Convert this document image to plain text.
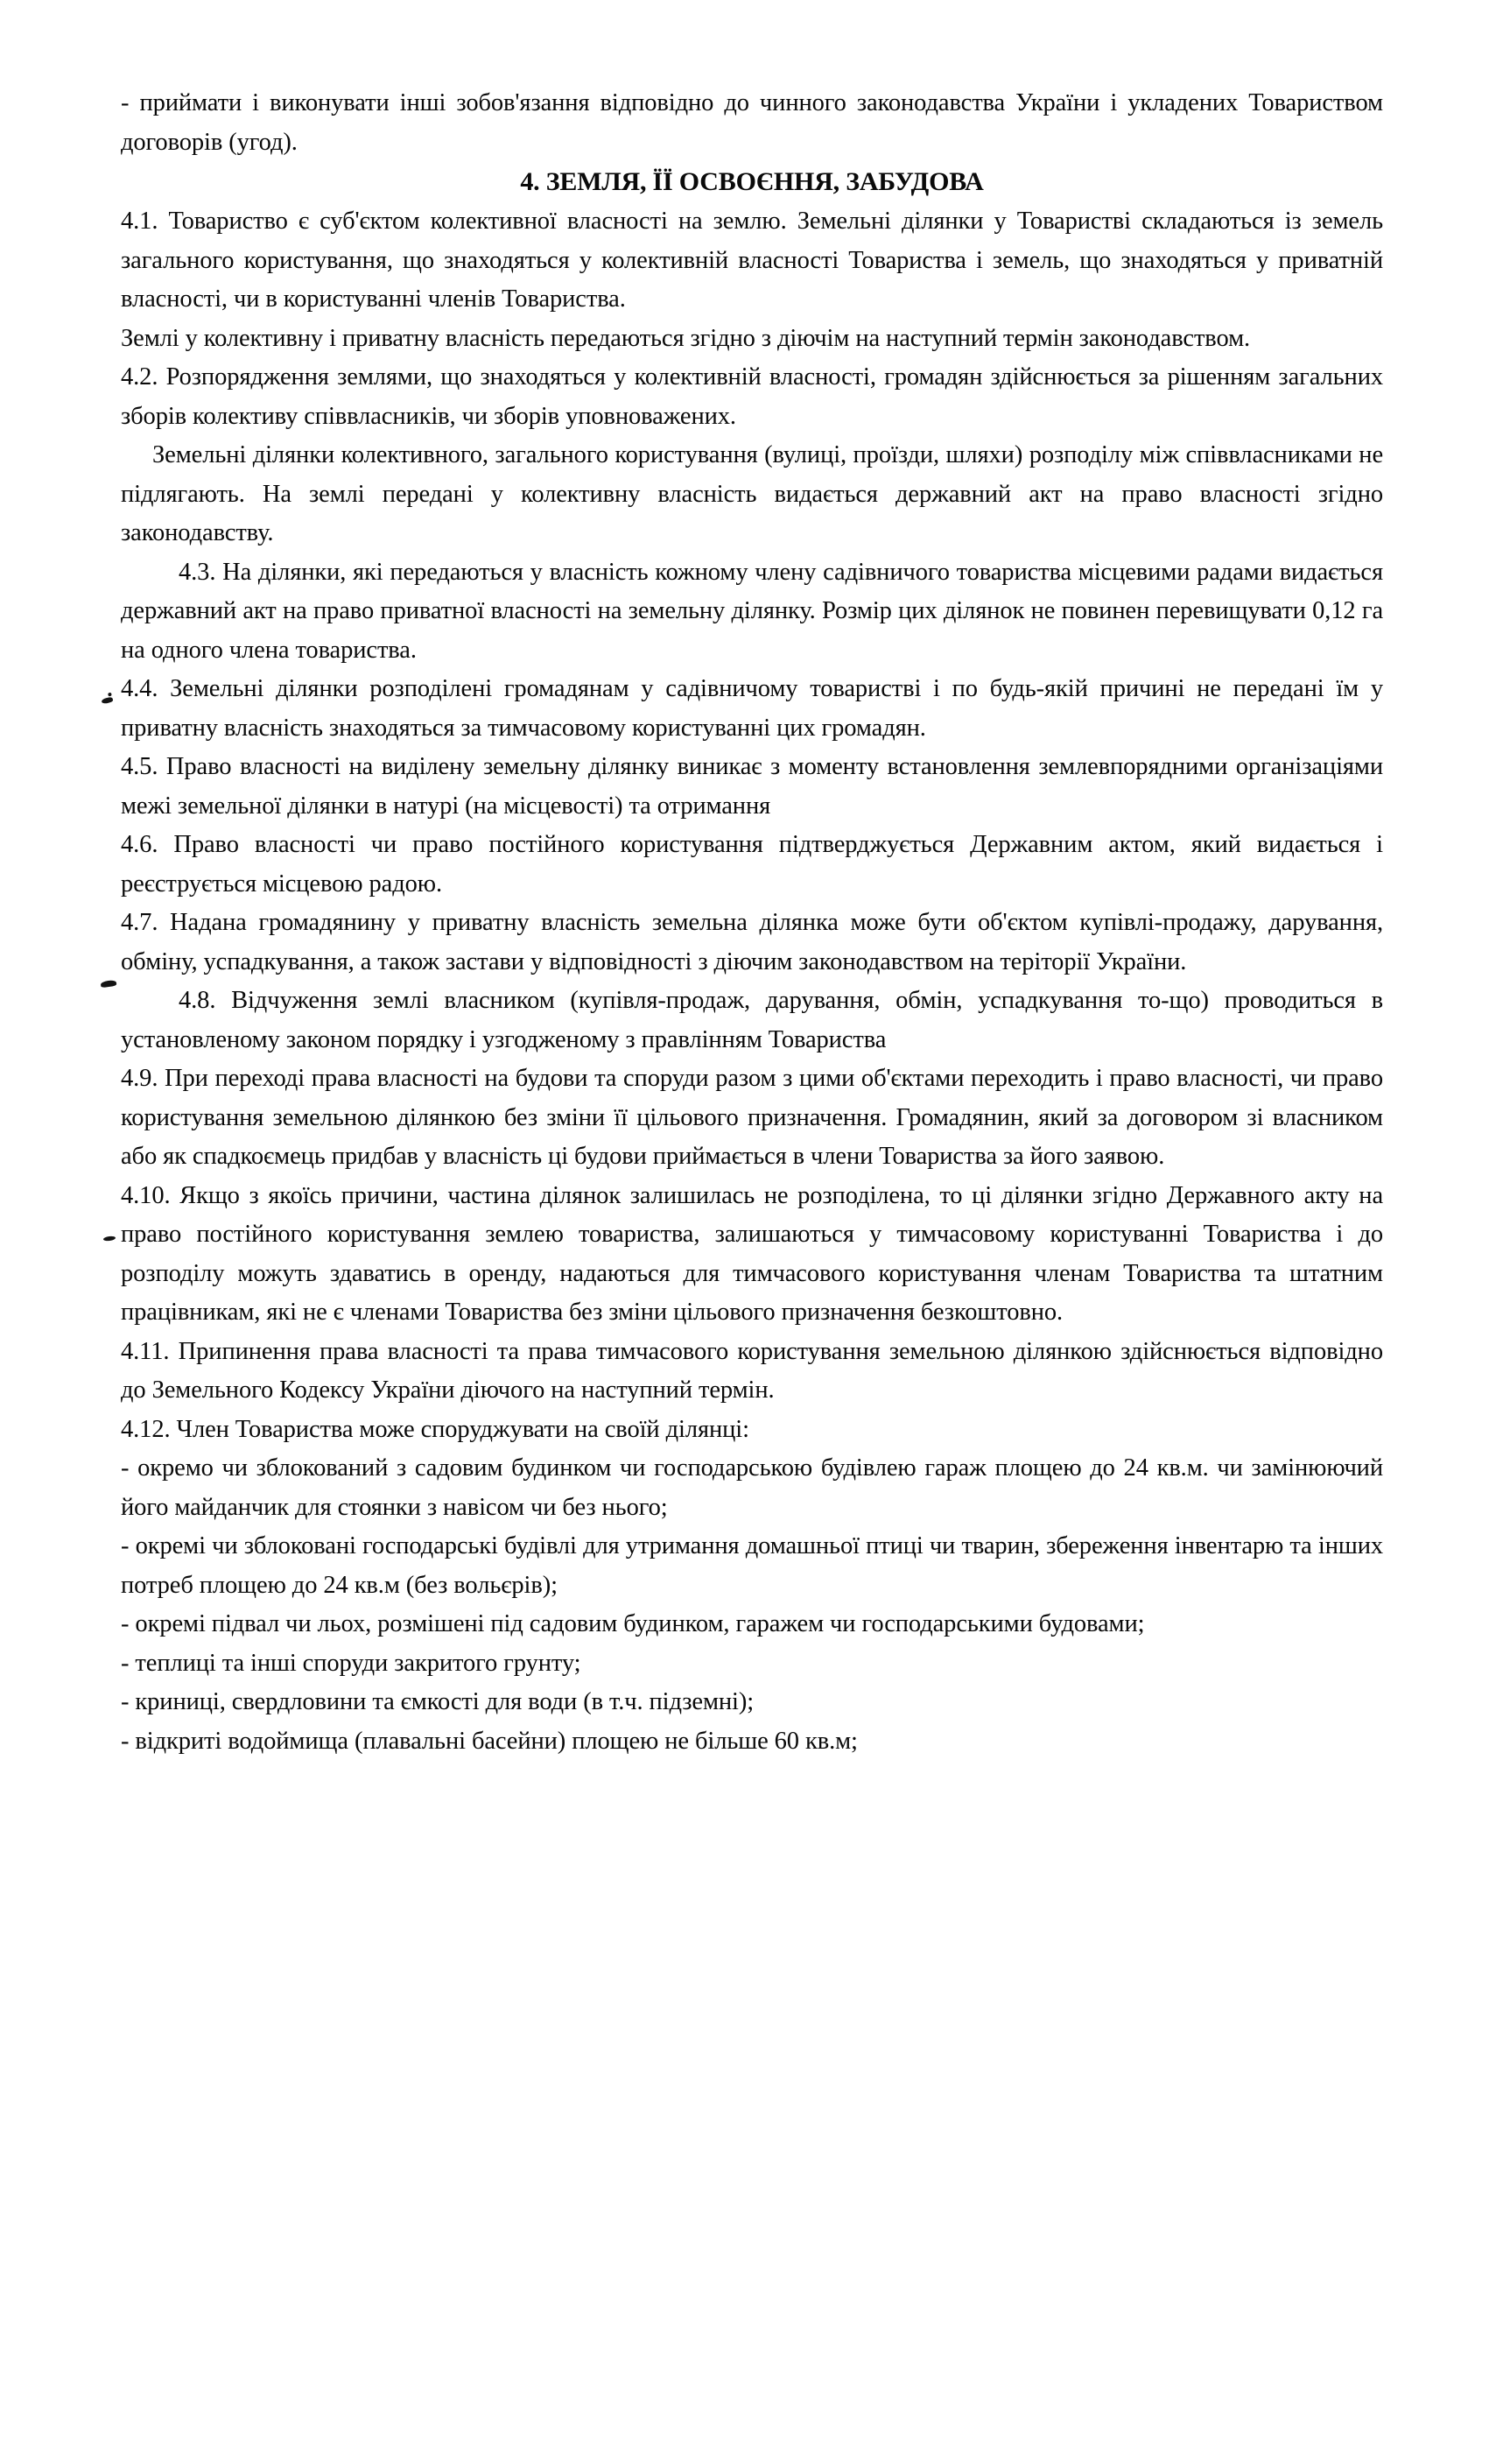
- приймати і виконувати інші зобов'язання відповідно до чинного законодавства України і укладених Товариством договорів (угод).

4. ЗЕМЛЯ, ЇЇ ОСВОЄННЯ, ЗАБУДОВА

4.1. Товариство є суб'єктом колективної власності на землю. Земельні ділянки у Товаристві складаються із земель загального користування, що знаходяться у колективній власності Товариства і земель, що знаходяться у приватній власності, чи в користуванні членів Товариства.

Землі у колективну і приватну власність передаються згідно з діючім на наступний термін законодавством.

4.2. Розпорядження землями, що знаходяться у колективній власності, громадян здійснюється за рішенням загальних зборів колективу співвласників, чи зборів уповноважених.

Земельні ділянки колективного, загального користування (вулиці, проїзди, шляхи) розподілу між співвласниками не підлягають. На землі передані у колективну власність видається державний акт на право власності згідно законодавству.

4.3. На ділянки, які передаються у власність кожному члену садівничого товариства місцевими радами видається державний акт на право приватної власності на земельну ділянку. Розмір цих ділянок не повинен перевищувати 0,12 га на одного члена товариства.

4.4. Земельні ділянки розподілені громадянам у садівничому товаристві і по будь-якій причині не передані їм у приватну власність знаходяться за тимчасовому користуванні цих громадян.

4.5. Право власності на виділену земельну ділянку виникає з моменту встановлення землевпорядними організаціями межі земельної ділянки в натурі (на місцевості) та отримання

4.6. Право власності чи право постійного користування підтверджується Державним актом, який видається і реєструється місцевою радою.

4.7. Надана громадянину у приватну власність земельна ділянка може бути об'єктом купівлі-продажу, дарування, обміну, успадкування, а також застави у відповідності з діючим законодавством на теріторії України.

4.8. Відчуження землі власником (купівля-продаж, дарування, обмін, успадкування то-що) проводиться в установленому законом порядку і узгодженому з правлінням Товариства

4.9. При переході права власності на будови та споруди разом з цими об'єктами переходить і право власності, чи право користування земельною ділянкою без зміни її цільового призначення. Громадянин, який за договором зі власником або як спадкоємець придбав у власність ці будови приймається в члени Товариства за його заявою.

4.10. Якщо з якоїсь причини, частина ділянок залишилась не розподілена, то ці ділянки згідно Державного акту на право постійного користування землею товариства, залишаються у тимчасовому користуванні Товариства і до розподілу можуть здаватись в оренду, надаються для тимчасового користування членам Товариства та штатним працівникам, які не є членами Товариства без зміни цільового призначення безкоштовно.

4.11. Припинення права власності та права тимчасового користування земельною ділянкою здійснюється відповідно до Земельного Кодексу України діючого на наступний термін.

4.12. Член Товариства може споруджувати на своїй ділянці:

- окремо чи зблокований з садовим будинком чи господарською будівлею гараж площею до 24 кв.м. чи замінюючий його майданчик для стоянки з навісом чи без нього;

- окремі чи зблоковані господарські будівлі для утримання домашньої птиці чи тварин, збереження інвентарю та інших потреб площею до 24 кв.м (без вольєрів);

- окремі підвал чи льох, розмішені під садовим будинком, гаражем чи господарськими будовами;

- теплиці та інші споруди закритого грунту;

- криниці, свердловини та ємкості для води (в т.ч. підземні);

- відкриті водоймища (плавальні басейни) площею не більше 60 кв.м;
